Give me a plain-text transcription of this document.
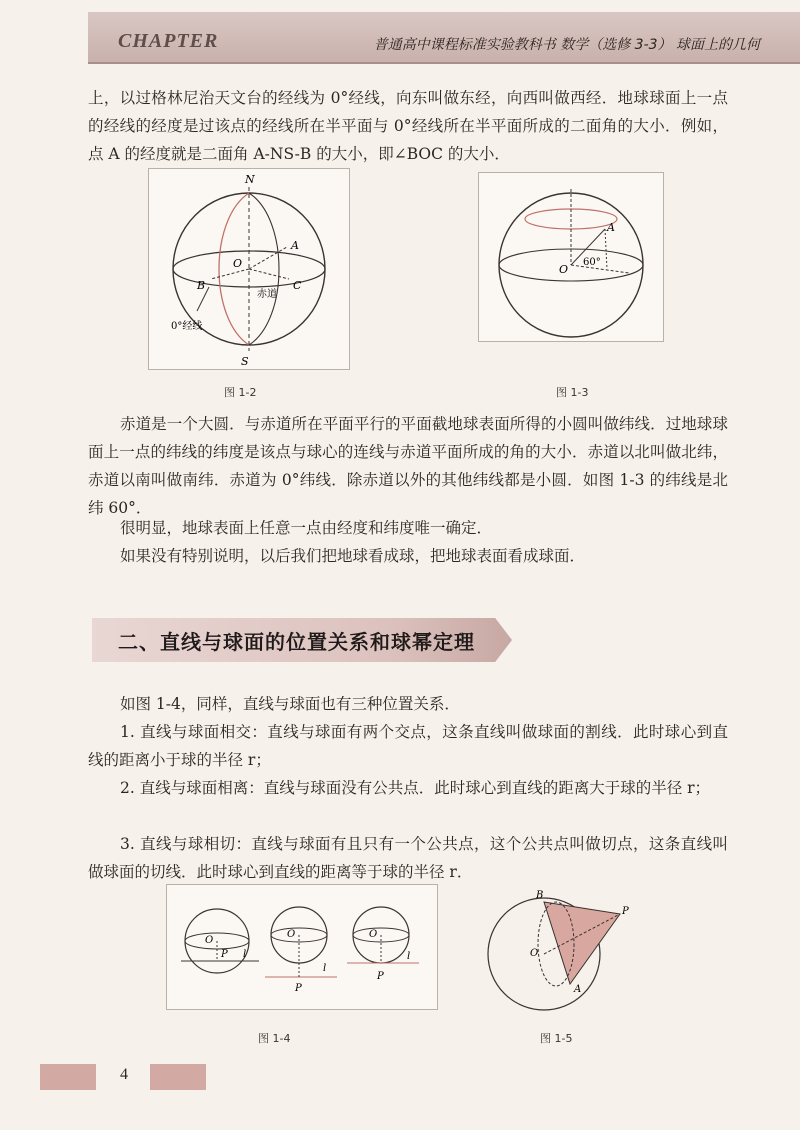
CHAPTER	普通高中课程标准实验教科书 数学（选修 3-3） 球面上的几何

上，以过格林尼治天文台的经线为 0°经线，向东叫做东经，向西叫做西经．地球球面上一点的经线的经度是过该点的经线所在半平面与 0°经线所在半平面所成的二面角的大小．例如，点 A 的经度就是二面角 A-NS-B 的大小，即∠BOC 的大小．

N
S
O
A
B	C
赤道
0°经线
图 1-2
O
A
60°
图 1-3

赤道是一个大圆．与赤道所在平面平行的平面截地球表面所得的小圆叫做纬线．过地球球面上一点的纬线的纬度是该点与球心的连线与赤道平面所成的角的大小．赤道以北叫做北纬，赤道以南叫做南纬．赤道为 0°纬线．除赤道以外的其他纬线都是小圆．如图 1-3 的纬线是北纬 60°．

很明显，地球表面上任意一点由经度和纬度唯一确定．

如果没有特别说明，以后我们把地球看成球，把地球表面看成球面．

二、直线与球面的位置关系和球幂定理

如图 1-4，同样，直线与球面也有三种位置关系．

1. 直线与球面相交：直线与球面有两个交点，这条直线叫做球面的割线．此时球心到直线的距离小于球的半径 r；

2. 直线与球面相离：直线与球面没有公共点．此时球心到直线的距离大于球的半径 r；

3. 直线与球相切：直线与球面有且只有一个公共点，这个公共点叫做切点，这条直线叫做球面的切线．此时球心到直线的距离等于球的半径 r．

O
P l
O
P
l
O
P
l
图 1-4
O
P
B
A
图 1-5
4
